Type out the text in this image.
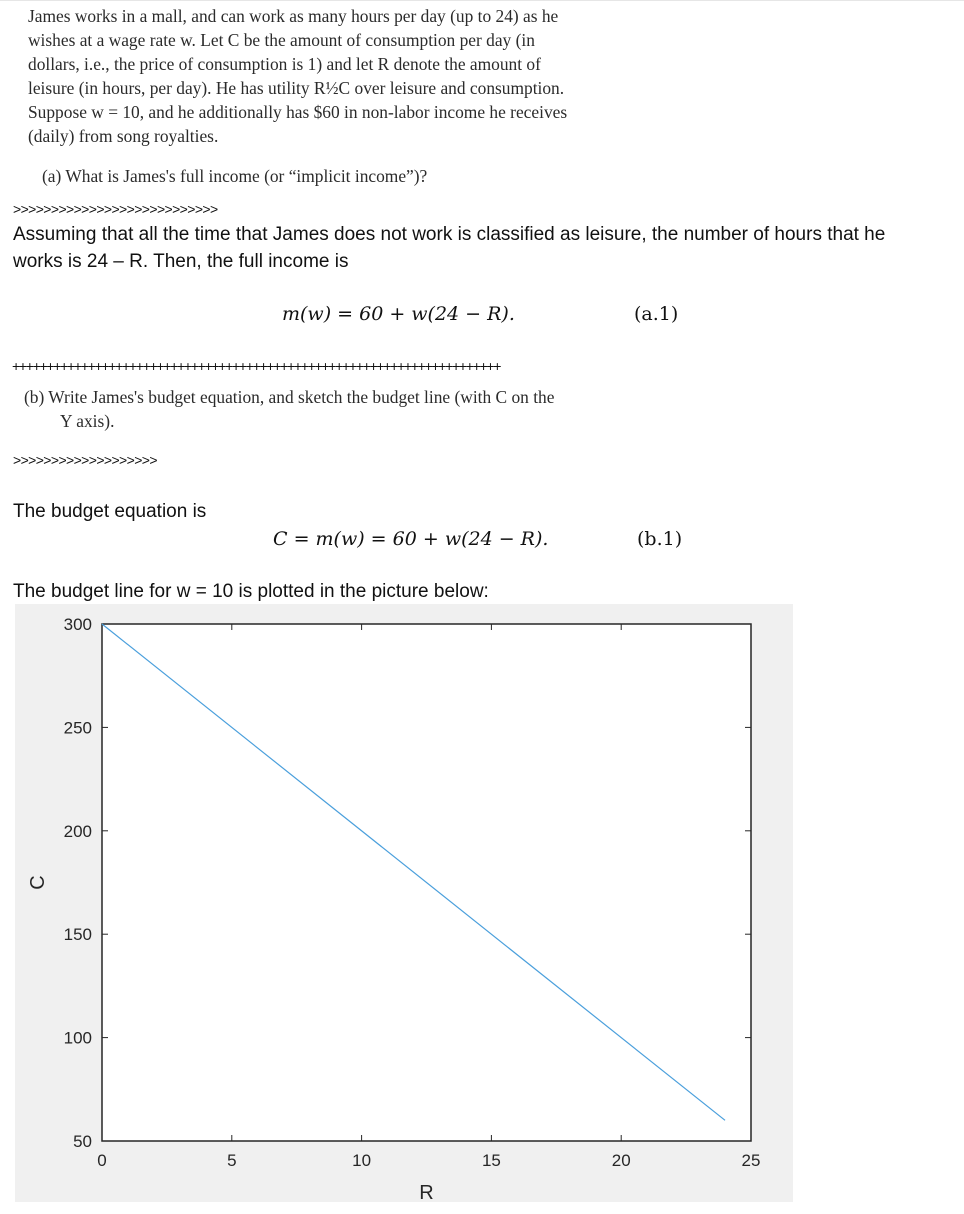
James works in a mall, and can work as many hours per day (up to 24) as he
wishes at a wage rate w. Let C be the amount of consumption per day (in
dollars, i.e., the price of consumption is 1) and let R denote the amount of
leisure (in hours, per day). He has utility R½C over leisure and consumption.
Suppose w = 10, and he additionally has $60 in non-labor income he receives
(daily) from song royalties.
(a) What is James's full income (or “implicit income”)?
>>>>>>>>>>>>>>>>>>>>>>>>>>>
Assuming that all the time that James does not work is classified as leisure, the number of hours that he
works is 24 – R. Then, the full income is
m(w) = 60 + w(24 − R).	(a.1)
+++++++++++++++++++++++++++++++++++++++++++++++++++++++++++++++++++++++
(b) Write James's budget equation, and sketch the budget line (with C on the
Y axis).
>>>>>>>>>>>>>>>>>>>
The budget equation is
C = m(w) = 60 + w(24 − R).	(b.1)
The budget line for w = 10 is plotted in the picture below:
0	5	10	15	20	25
50
100
150
200
250
300
R
C
